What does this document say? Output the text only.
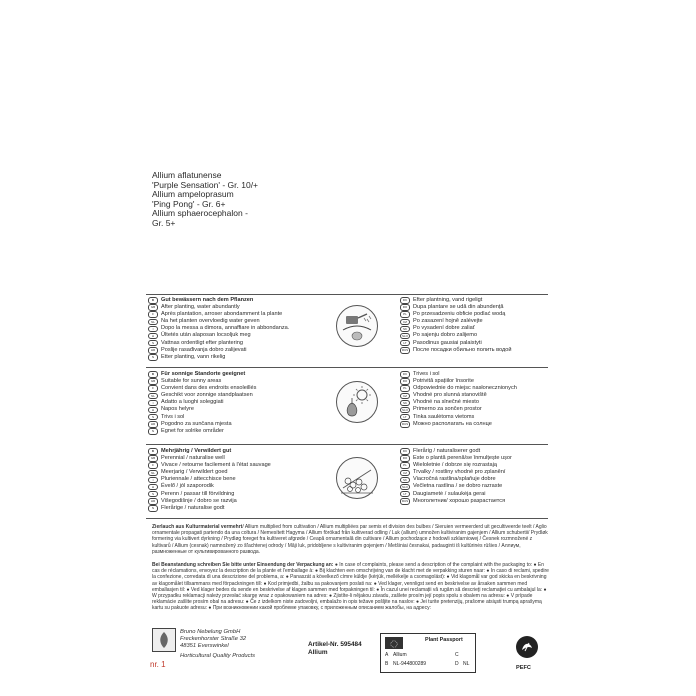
Allium aflatunense
'Purple Sensation' - Gr. 10/+
Allium ampeloprasum
'Ping Pong' - Gr. 6+
Allium sphaerocephalon -
Gr. 5+
D	Gut bewässern nach dem Pflanzen
GB	After planting, water abundantly
F	Après plantation, arroser abondamment la plante
NL	Na het planten overvloedig water geven
I	Dopo la messa a dimora, annaffiare in abbondanza.
H	Ültetés után alaposan locsoljuk meg
S	Vattnas ordentligt efter plantering
HR	Poslije rasađivanja dobro zalijevati
N	Etter planting, vann rikelig
DK	Efter plantning, vand rigeligt
RO	Dupa plantare se udă din abundență
PL	Po przesadzeniu obficie podlać wodą
CZ	Po zasazení hojně zalévejte
SK	Po vysadení dobre zaliať
SLO Po sajenju dobro zalijemo
LT	Pasodinus gausiai palaistyti
RUS После посадки обильно полить водой
D	Für sonnige Standorte geeignet
GB	Suitable for sunny areas
F	Convient dans des endroits ensoleillés
NL	Geschikt voor zonnige standplaatsen
I	Adatto a luoghi soleggiati
H	Napos helyre
S	Trivs i sol
HR	Pogodno za sunčana mjesta
N	Egnet for solrike områder
DK	Trives i sol
RO	Potrivită spațiilor însorite
PL	Odpowiednie do miejsc nasłonecznionych
CZ	Vhodné pro slunná stanoviště
SK	Vhodné na slnečné miesto
SLO Primerno za sončen prostor
LT	Tinka saulėtoms vietoms
RUS Можно располагать на солнце
D	Mehrjährig / Verwildert gut
GB	Perennial / naturalise well
F	Vivace / retourne facilement à l'état sauvage
NL	Meerjarig / Verwildert goed
I	Pluriennale / attecchisce bene
H	Évelő / jól szaporodik
S	Perenn / passar till förvildning
HR	Višegodišnje / dobro se razvija
N	Flerårige / naturalise godt
DK	Flerårig / naturaliserer godt
RO	Este o plantă perenă/se înmulțește ușor
PL	Wieloletnie / dobrze się rozrastają
CZ	Trvalky / rostliny vhodné pro zplanění
SK	Viacročná rastlina/splaňuje dobre
SLO Večletna rastlina / se dobro razraste
LT	Daugiametė / sulaukėja gerai
RUS Многолетник/ хорошо разрастается
Zierlauch aus Kulturmaterial vermehrt/ Allium multiplied from cultivation / Allium multipliées par semis et division des bulbes / Sieruien vermeerderd uit gecultiveerde teelt / Aglio ornamentale propagati partendo da una coltura / Nemesített Hagyma / Allium förökad från kultiverad odling / Luk (allium) umnožen kultiviranim gajenjem / Allium schubertii/ Prydløk formering via kultivert dyrkning / Prydløg foreget fra kultiveret afgrøde / Ceapă ornamentală din cultivare / Allium pochodzące z hodowli szklarniowej / Česnek rozmnožené z kultivarů / Allium (cesnak) namnožený zo šľachtenej odrody / Mâji luk, pridobljene s kultiviranim gojenjem / Metšiniai česnakai, padauginti iš kultūrinės rūšies / Аллиум, размноженные от культивированного разводa.
Bei Beanstandung schreiben Sie bitte unter Einsendung der Verpackung an: ● In case of complaints, please send a description of the complaint with the packaging to: ● En cas de réclamations, envoyez la description de la plante et l'emballage à: ● Bij klachten een omschrijving van de klacht met de verpakking sturen naar: ● In caso di reclami, spedire la confezione, corredata di una descrizione del problema, a: ● Panaszát a kövelkező címre küldje (kérjük, mellékelje a csomagolást): ● Vid klagomål var god skicka en beskrivning av klagomålet tillsammans med förpackningen till: ● Kod primjedbi, žalbu sa pakovanjem poslati na: ● Ved klager, vennligst send en beskrivelse av årsaken sammen med emballasjen til: ● Ved klager bedes du sende en beskrivelse af klagen sammen med forpakningen til: ● În cazul unei reclamații vă rugăm să descrieţi reclamaţiei cu ambalajul la: ● W przypadku reklamacji należy przesłać skargę wraz z opakowaniem na adres: ● Zjistíte-li nějakou závadu, zašlete prosím její popis spolu s obalem na adresu: ● V prípade reklamácie zašlite prosím obal na adresu: ● Če z izdelkom niste zadovoljni, embalažo in opis težave pošljite na naslov: ● Jei turite pretenzijų, prašome atsiųsti trumpą aprašymą kartu su pakuote adresu: ● При возникновении какой проблеме упаковку, с приложенным описанием жалобы, на адресу:
Bruno Nebelung GmbH
Freckenhorster Straße 32
48351 Everswinkel
Horticultural Quality Products
nr. 1
Artikel-Nr. 595484
Allium
Plant Passport
A Allium
B NL-944800289
C
D NL
PEFC
